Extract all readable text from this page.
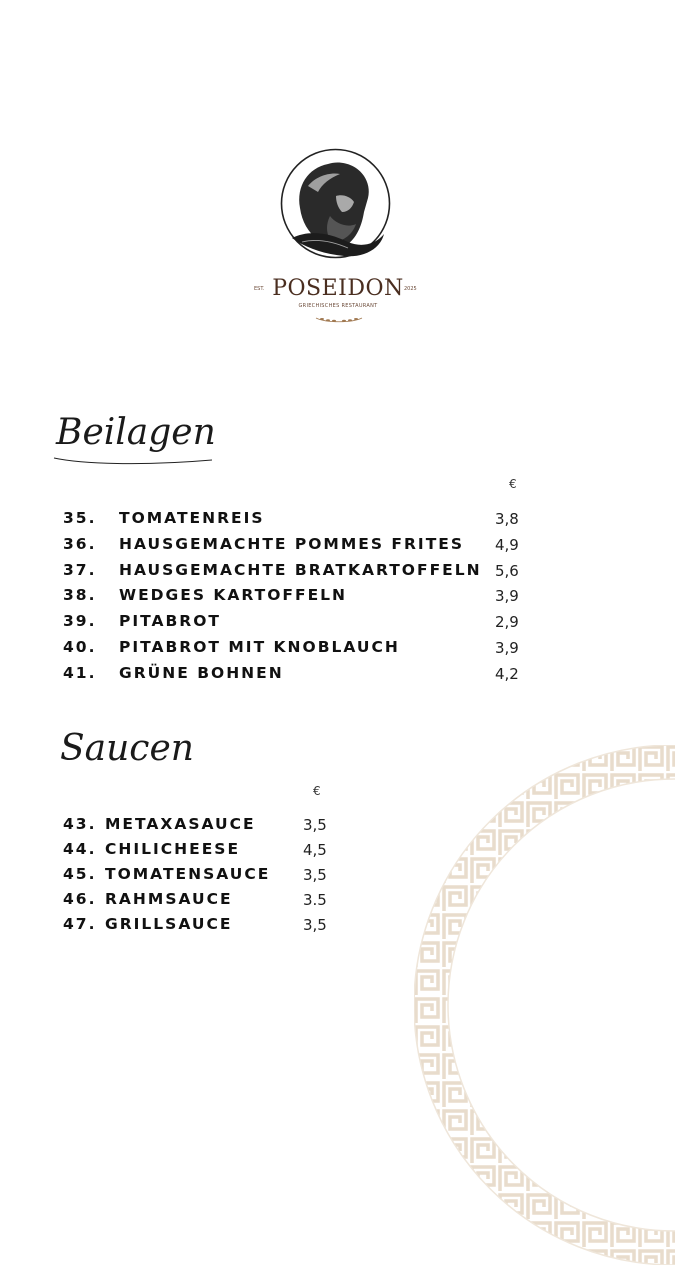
EST. POSEIDON 2025
GRIECHISCHES RESTAURANT
Beilagen
€
35. TOMATENREIS	3,8
36. HAUSGEMACHTE POMMES FRITES 4,9
37. HAUSGEMACHTE BRATKARTOFFELN 5,6
38. WEDGES KARTOFFELN	3,9
39. PITABROT	2,9
40. PITABROT MIT KNOBLAUCH	3,9
41. GRÜNE BOHNEN	4,2
Saucen
€
43. METAXASAUCE	3,5
44. CHILICHEESE	4,5
45. TOMATENSAUCE 3,5
46. RAHMSAUCE	3.5
47. GRILLSAUCE	3,5
